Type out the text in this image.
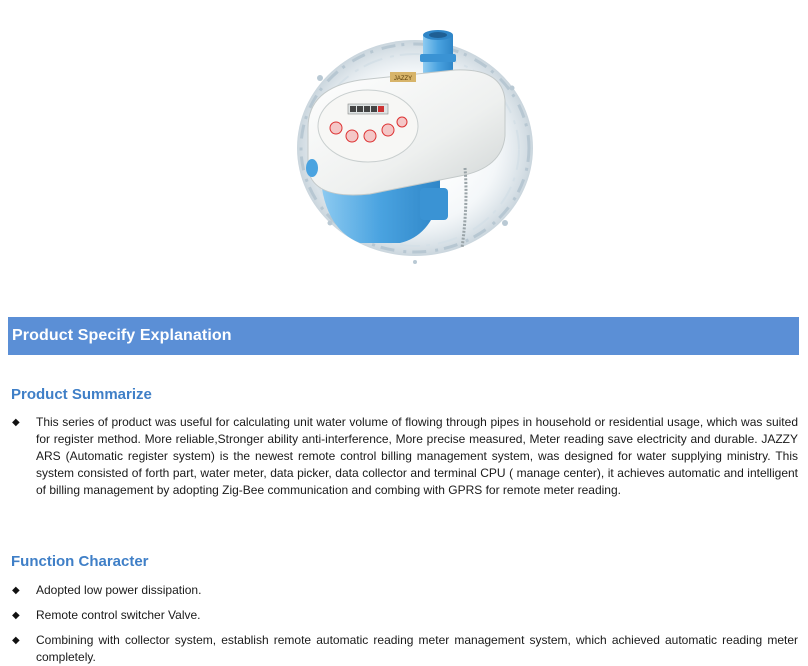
JAZZY
Product Specify Explanation
Product Summarize
◆	This series of product was useful for calculating unit water volume of flowing through pipes in household or residential usage, which was suited for register method. More reliable,Stronger ability anti-interference, More precise measured, Meter reading save electricity and durable. JAZZY ARS (Automatic register system) is the newest remote control billing management system, was designed for water supplying ministry. This system consisted of forth part, water meter, data picker, data collector and terminal CPU ( manage center), it achieves automatic and intelligent of billing management by adopting Zig-Bee communication and combing with GPRS for remote meter reading.
Function Character
◆	Adopted low power dissipation.
◆	Remote control switcher Valve.
◆	Combining with collector system, establish remote automatic reading meter management system, which achieved automatic reading meter completely.
